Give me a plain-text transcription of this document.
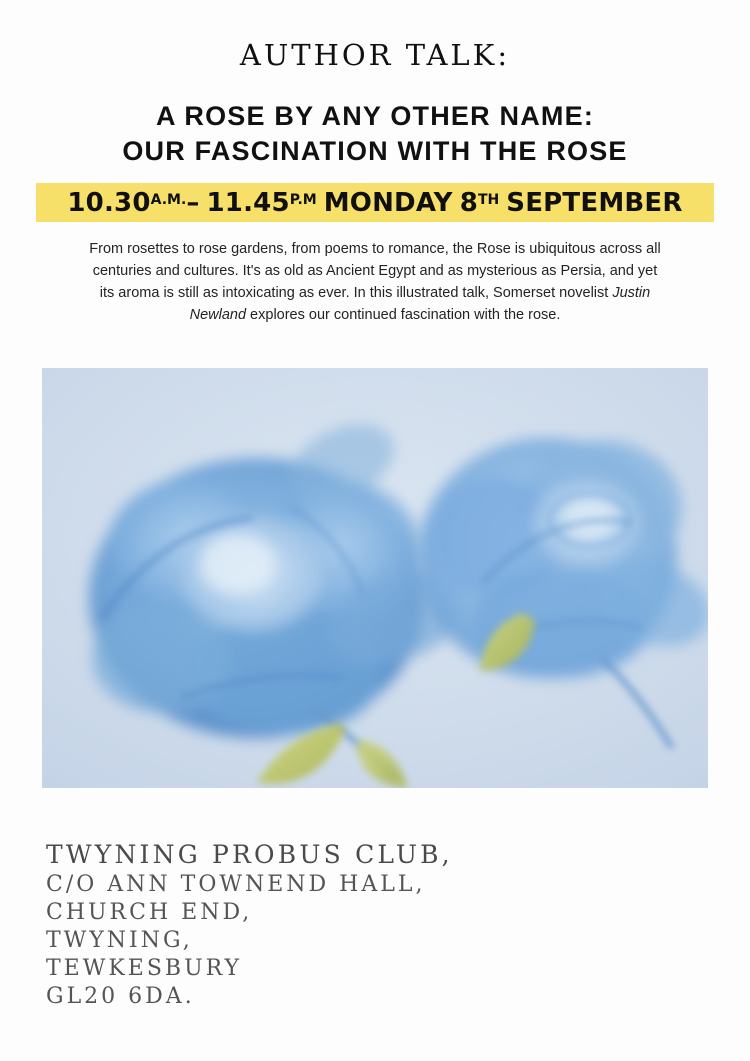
AUTHOR TALK:
A ROSE BY ANY OTHER NAME:
OUR FASCINATION WITH THE ROSE
10.30 A.M. – 11.45 P.M MONDAY 8 TH SEPTEMBER
From rosettes to rose gardens, from poems to romance, the Rose is ubiquitous across all centuries and cultures. It's as old as Ancient Egypt and as mysterious as Persia, and yet its aroma is still as intoxicating as ever. In this illustrated talk, Somerset novelist Justin Newland explores our continued fascination with the rose.
TWYNING PROBUS CLUB,
C/O ANN TOWNEND HALL,
CHURCH END,
TWYNING,
TEWKESBURY
GL20 6DA.
